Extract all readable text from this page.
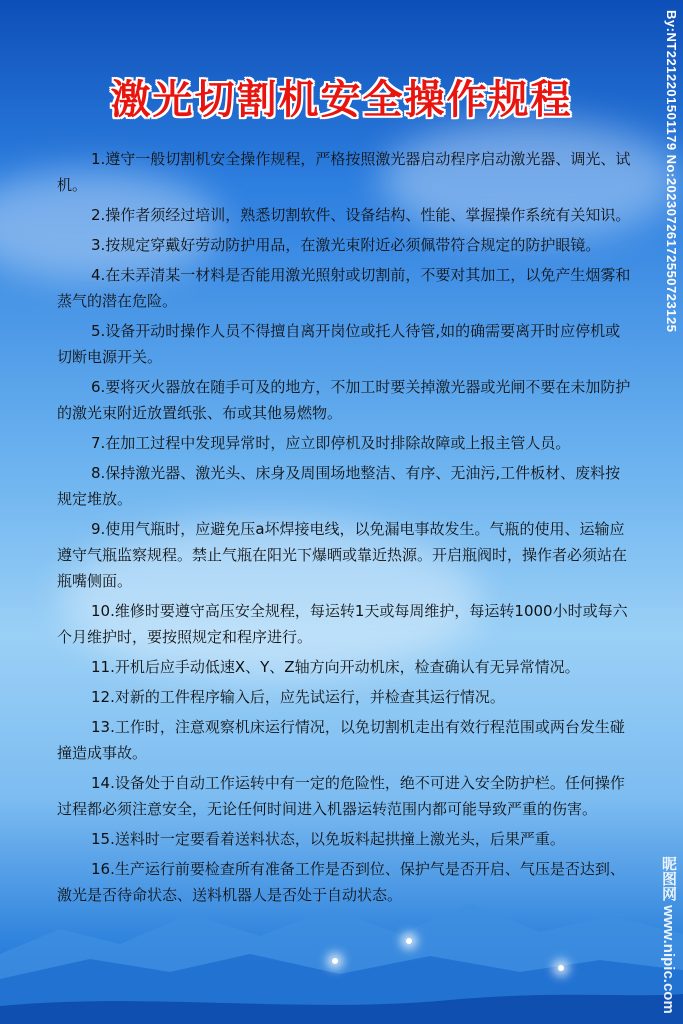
激光切割机安全操作规程

1.遵守一般切割机安全操作规程，严格按照激光器启动程序启动激光器、调光、试机。

2.操作者须经过培训，熟悉切割软件、设备结构、性能、掌握操作系统有关知识。

3.按规定穿戴好劳动防护用品，在激光束附近必须佩带符合规定的防护眼镜。

4.在未弄清某一材料是否能用激光照射或切割前，不要对其加工，以免产生烟雾和蒸气的潜在危险。

5.设备开动时操作人员不得擅自离开岗位或托人待管,如的确需要离开时应停机或切断电源开关。

6.要将灭火器放在随手可及的地方，不加工时要关掉激光器或光闸不要在未加防护的激光束附近放置纸张、布或其他易燃物。

7.在加工过程中发现异常时，应立即停机及时排除故障或上报主管人员。

8.保持激光器、激光头、床身及周围场地整洁、有序、无油污,工件板材、废料按规定堆放。

9.使用气瓶时，应避免压a坏焊接电线，以免漏电事故发生。气瓶的使用、运输应遵守气瓶监察规程。禁止气瓶在阳光下爆晒或靠近热源。开启瓶阀时，操作者必须站在瓶嘴侧面。

10.维修时要遵守高压安全规程，每运转1天或每周维护，每运转1000小时或每六个月维护时，要按照规定和程序进行。

11.开机后应手动低速X、Y、Z轴方向开动机床，检查确认有无异常情况。

12.对新的工件程序输入后，应先试运行，并检查其运行情况。

13.工作时，注意观察机床运行情况，以免切割机走出有效行程范围或两台发生碰撞造成事故。

14.设备处于自动工作运转中有一定的危险性，绝不可进入安全防护栏。任何操作过程都必须注意安全，无论任何时间进入机器运转范围内都可能导致严重的伤害。

15.送料时一定要看着送料状态，以免坂料起拱撞上激光头，后果严重。

16.生产运行前要检查所有准备工作是否到位、保护气是否开启、气压是否达到、激光是否待命状态、送料机器人是否处于自动状态。

By:NT2212201501179 No:20230726172550723125
昵图网 www.nipic.com
